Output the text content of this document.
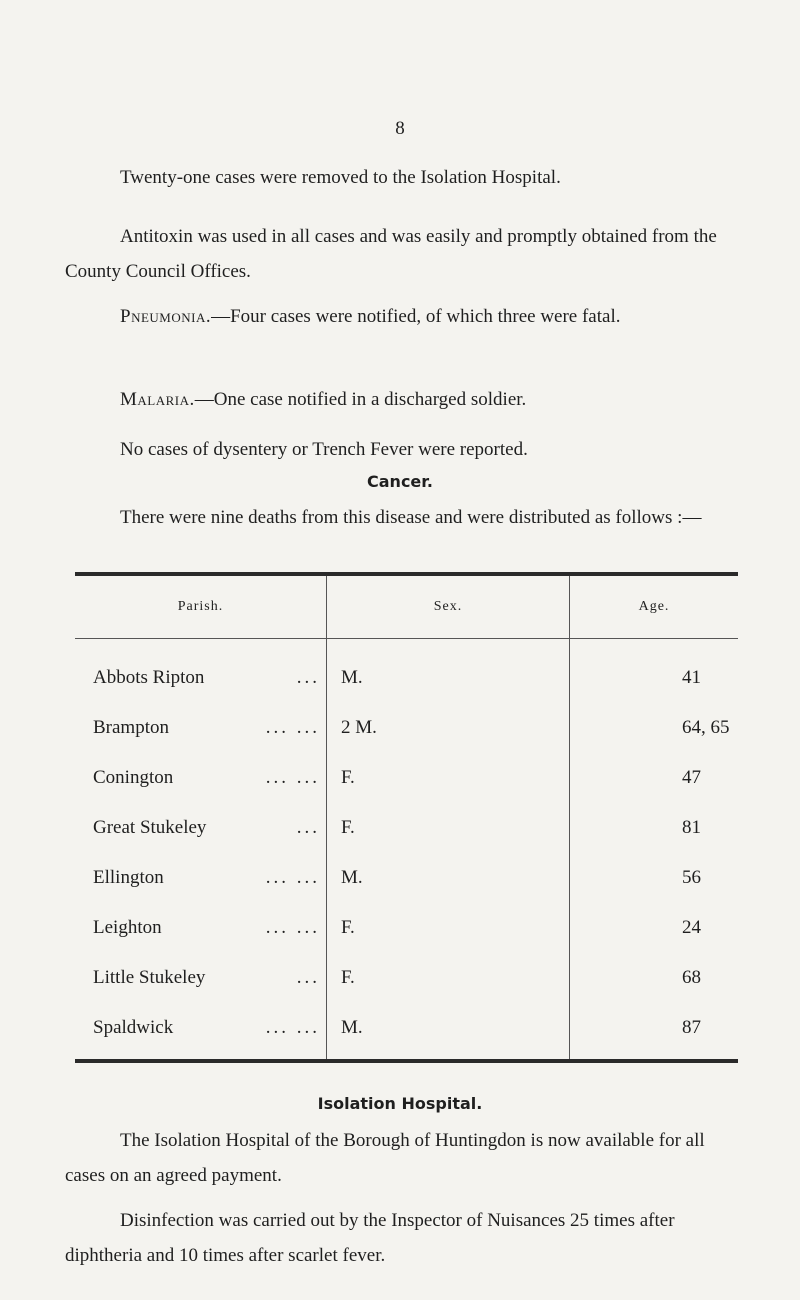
8

Twenty-one cases were removed to the Isolation Hospital.

Antitoxin was used in all cases and was easily and promptly obtained from the County Council Offices.

Pneumonia.—Four cases were notified, of which three were fatal.

Malaria.—One case notified in a discharged soldier.

No cases of dysentery or Trench Fever were reported.

Cancer.

There were nine deaths from this disease and were distributed as follows :—

Parish.	Sex.	Age.

Abbots Ripton ...	M.	41

Brampton ... ...	2 M.	64, 65

Conington ... ...	F.	47

Great Stukeley ...	F.	81

Ellington ... ...	M.	56

Leighton ... ...	F.	24

Little Stukeley ...	F.	68

Spaldwick ... ...	M.	87
Isolation Hospital.

The Isolation Hospital of the Borough of Huntingdon is now available for all cases on an agreed payment.

Disinfection was carried out by the Inspector of Nuisances 25 times after diphtheria and 10 times after scarlet fever.
